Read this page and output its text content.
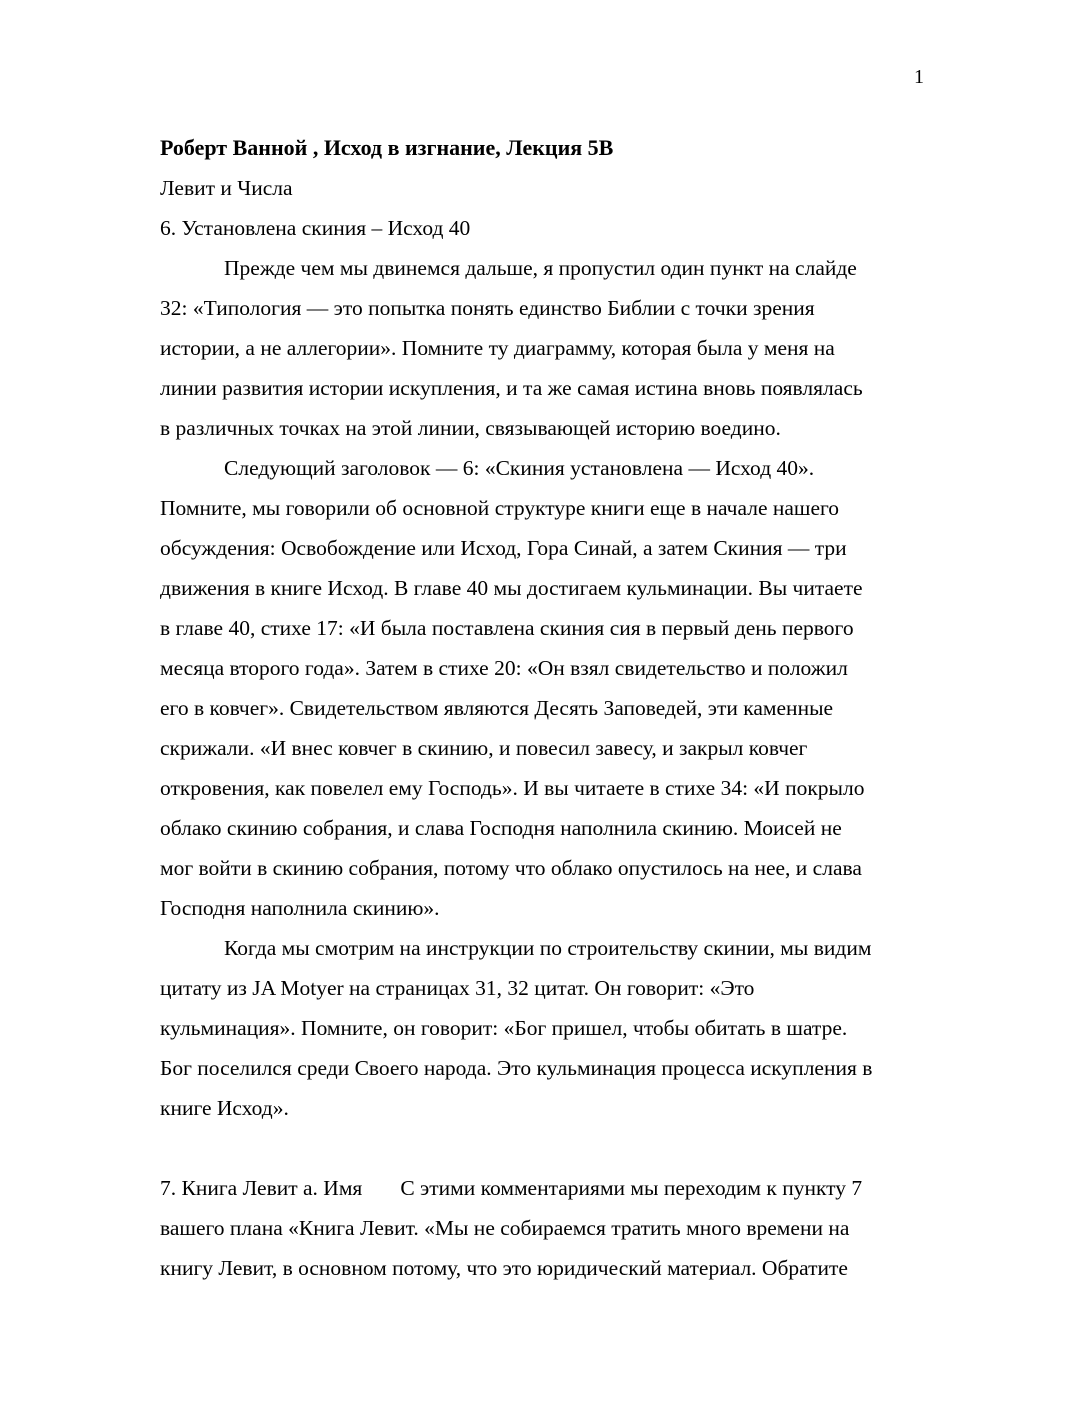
1
Роберт Ванной , Исход в изгнание, Лекция 5B
Левит и Числа
6. Установлена скиния – Исход 40
Прежде чем мы двинемся дальше, я пропустил один пункт на слайде
32: «Типология — это попытка понять единство Библии с точки зрения
истории, а не аллегории». Помните ту диаграмму, которая была у меня на
линии развития истории искупления, и та же самая истина вновь появлялась
в различных точках на этой линии, связывающей историю воедино.
Следующий заголовок — 6: «Скиния установлена — Исход 40».
Помните, мы говорили об основной структуре книги еще в начале нашего
обсуждения: Освобождение или Исход, Гора Синай, а затем Скиния — три
движения в книге Исход. В главе 40 мы достигаем кульминации. Вы читаете
в главе 40, стихе 17: «И была поставлена скиния сия в первый день первого
месяца второго года». Затем в стихе 20: «Он взял свидетельство и положил
его в ковчег». Свидетельством являются Десять Заповедей, эти каменные
скрижали. «И внес ковчег в скинию, и повесил завесу, и закрыл ковчег
откровения, как повелел ему Господь». И вы читаете в стихе 34: «И покрыло
облако скинию собрания, и слава Господня наполнила скинию. Моисей не
мог войти в скинию собрания, потому что облако опустилось на нее, и слава
Господня наполнила скинию».
Когда мы смотрим на инструкции по строительству скинии, мы видим
цитату из JA Motyer на страницах 31, 32 цитат. Он говорит: «Это
кульминация». Помните, он говорит: «Бог пришел, чтобы обитать в шатре.
Бог поселился среди Своего народа. Это кульминация процесса искупления в
книге Исход».
7. Книга Левит a. Имя С этими комментариями мы переходим к пункту 7
вашего плана «Книга Левит. «Мы не собираемся тратить много времени на
книгу Левит, в основном потому, что это юридический материал. Обратите
